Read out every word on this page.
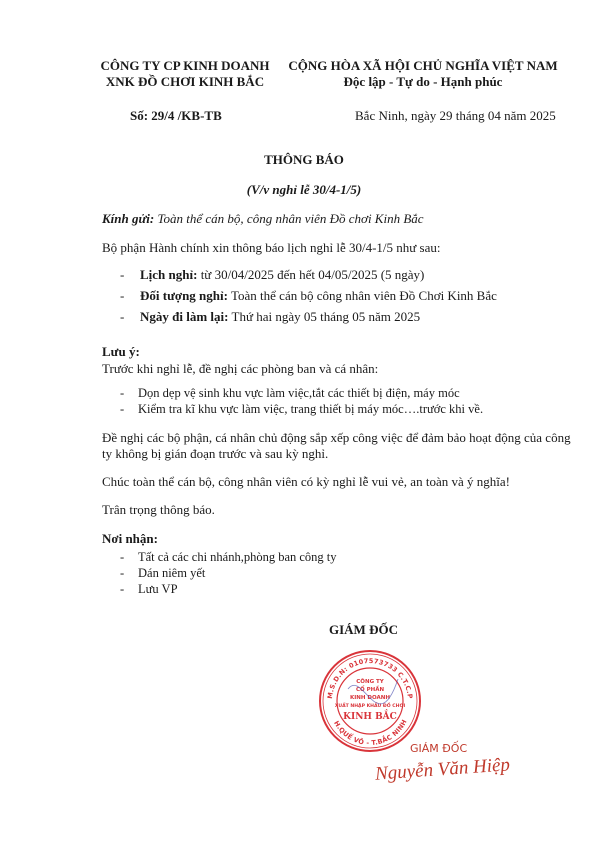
CÔNG TY CP KINH DOANH
XNK ĐỒ CHƠI KINH BẮC
CỘNG HÒA XÃ HỘI CHỦ NGHĨA VIỆT NAM
Độc lập - Tự do - Hạnh phúc
Số: 29/4 /KB-TB	Bắc Ninh, ngày 29 tháng 04 năm 2025
THÔNG BÁO
(V/v nghỉ lễ 30/4-1/5)
Kính gửi: Toàn thể cán bộ, công nhân viên Đồ chơi Kinh Bắc
Bộ phận Hành chính xin thông báo lịch nghỉ lễ 30/4-1/5 như sau:
-	Lịch nghỉ: từ 30/04/2025 đến hết 04/05/2025 (5 ngày)
-	Đối tượng nghỉ: Toàn thể cán bộ công nhân viên Đồ Chơi Kinh Bắc
-	Ngày đi làm lại: Thứ hai ngày 05 tháng 05 năm 2025
Lưu ý:
Trước khi nghỉ lễ, đề nghị các phòng ban và cá nhân:
-	Dọn dẹp vệ sinh khu vực làm việc,tắt các thiết bị điện, máy móc
-	Kiểm tra kĩ khu vực làm việc, trang thiết bị máy móc….trước khi về.
Đề nghị các bộ phận, cá nhân chủ động sắp xếp công việc để đảm bảo hoạt động của công ty không bị gián đoạn trước và sau kỳ nghỉ.
Chúc toàn thể cán bộ, công nhân viên có kỳ nghỉ lễ vui vẻ, an toàn và ý nghĩa!
Trân trọng thông báo.
Nơi nhận:
-	Tất cả các chi nhánh,phòng ban công ty
-	Dán niêm yết
-	Lưu VP
GIÁM ĐỐC
M.S.D.N: 0107573733 C.T.C.P
H.QUẾ VÕ - T.BẮC NINH
CÔNG TY
CỔ PHẦN
KINH DOANH
XUẤT NHẬP KHẨU ĐỒ CHƠI
KINH BẮC
GIÁM ĐỐC
Nguyễn Văn Hiệp
